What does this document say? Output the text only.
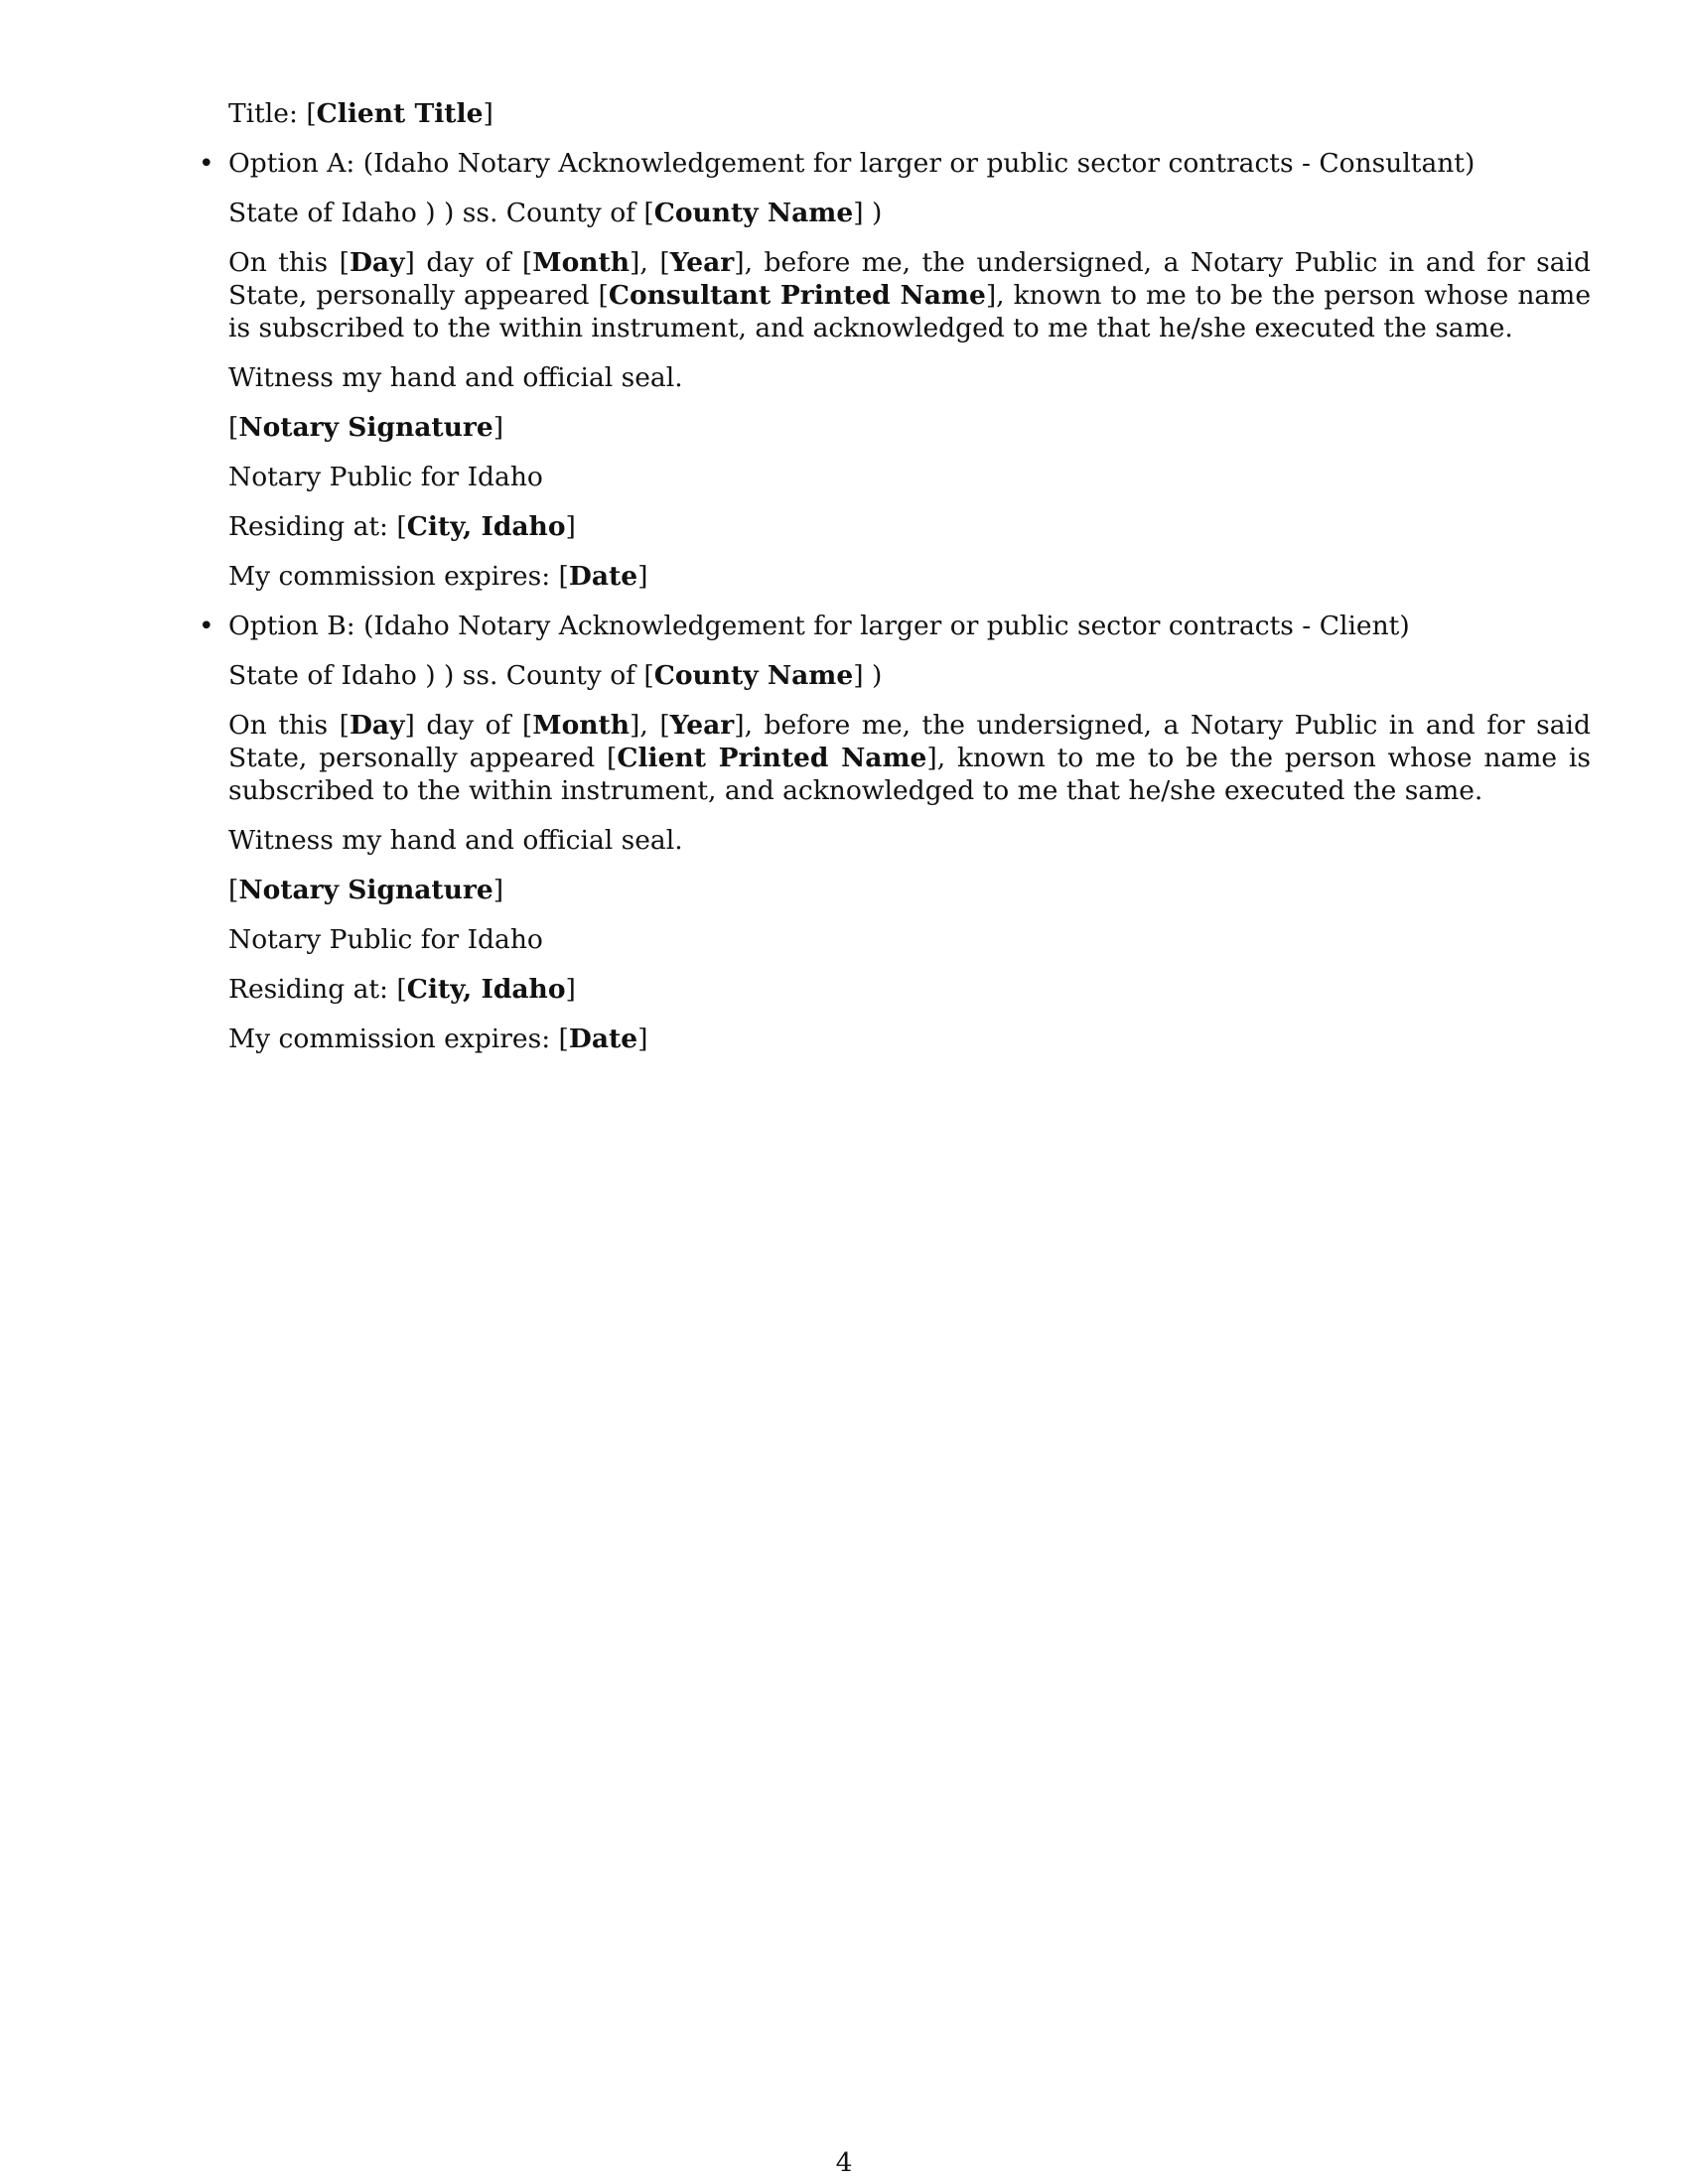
Title: [Client Title]

• Option A: (Idaho Notary Acknowledgement for larger or public sector contracts - Consultant)

State of Idaho ) ) ss. County of [County Name] )

On this [Day] day of [Month], [Year], before me, the undersigned, a Notary Public in and for said State, personally appeared [Consultant Printed Name], known to me to be the person whose name is subscribed to the within instrument, and acknowledged to me that he/she executed the same.

Witness my hand and official seal.

[Notary Signature]

Notary Public for Idaho

Residing at: [City, Idaho]

My commission expires: [Date]

• Option B: (Idaho Notary Acknowledgement for larger or public sector contracts - Client)

State of Idaho ) ) ss. County of [County Name] )

On this [Day] day of [Month], [Year], before me, the undersigned, a Notary Public in and for said State, personally appeared [Client Printed Name], known to me to be the person whose name is subscribed to the within instrument, and acknowledged to me that he/she executed the same.

Witness my hand and official seal.

[Notary Signature]

Notary Public for Idaho

Residing at: [City, Idaho]

My commission expires: [Date]

4
